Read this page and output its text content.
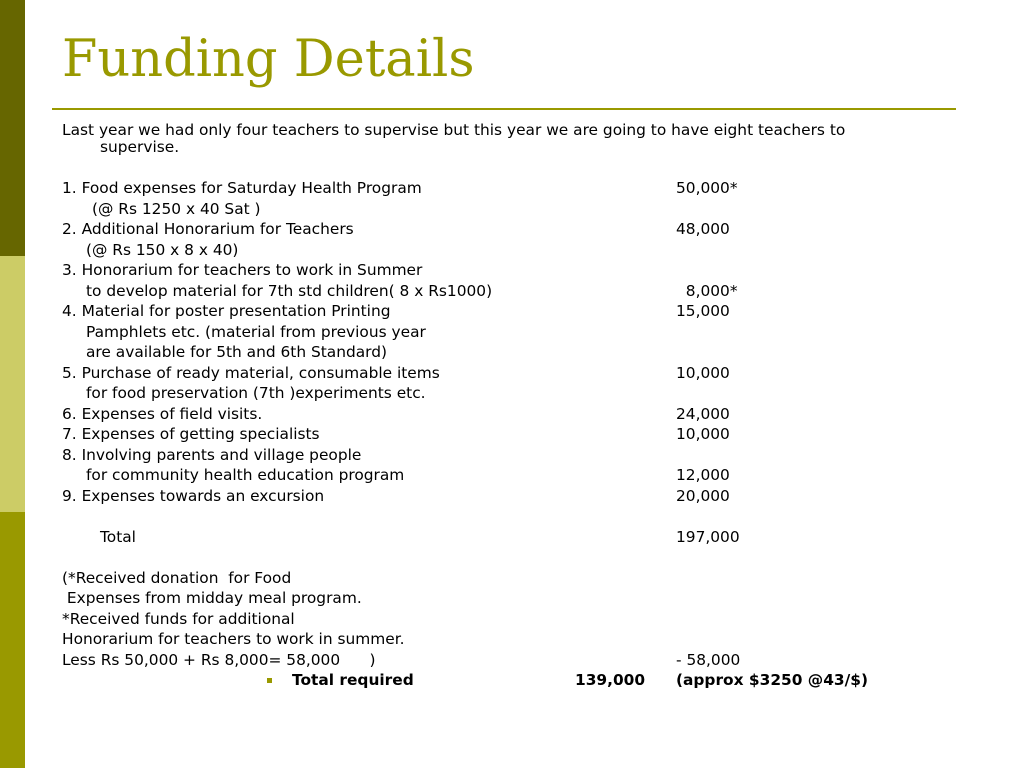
Funding Details
Last year we had only four teachers to supervise but this year we are going to have eight teachers to
supervise.
1. Food expenses for Saturday Health Program	50,000*
(@ Rs 1250 x 40 Sat )
2. Additional Honorarium for Teachers	48,000
(@ Rs 150 x 8 x 40)
3. Honorarium for teachers to work in Summer
to develop material for 7th std children( 8 x Rs1000)	8,000*
4. Material for poster presentation Printing	15,000
Pamphlets etc. (material from previous year
are available for 5th and 6th Standard)
5. Purchase of ready material, consumable items	10,000
for food preservation (7th )experiments etc.
6. Expenses of field visits.	24,000
7. Expenses of getting specialists	10,000
8. Involving parents and village people
for community health education program	12,000
9. Expenses towards an excursion	20,000
Total	197,000
(*Received donation  for Food
Expenses from midday meal program.
*Received funds for additional
Honorarium for teachers to work in summer.
Less Rs 50,000 + Rs 8,000= 58,000      )	- 58,000
Total required	139,000 (approx $3250 @43/$)
